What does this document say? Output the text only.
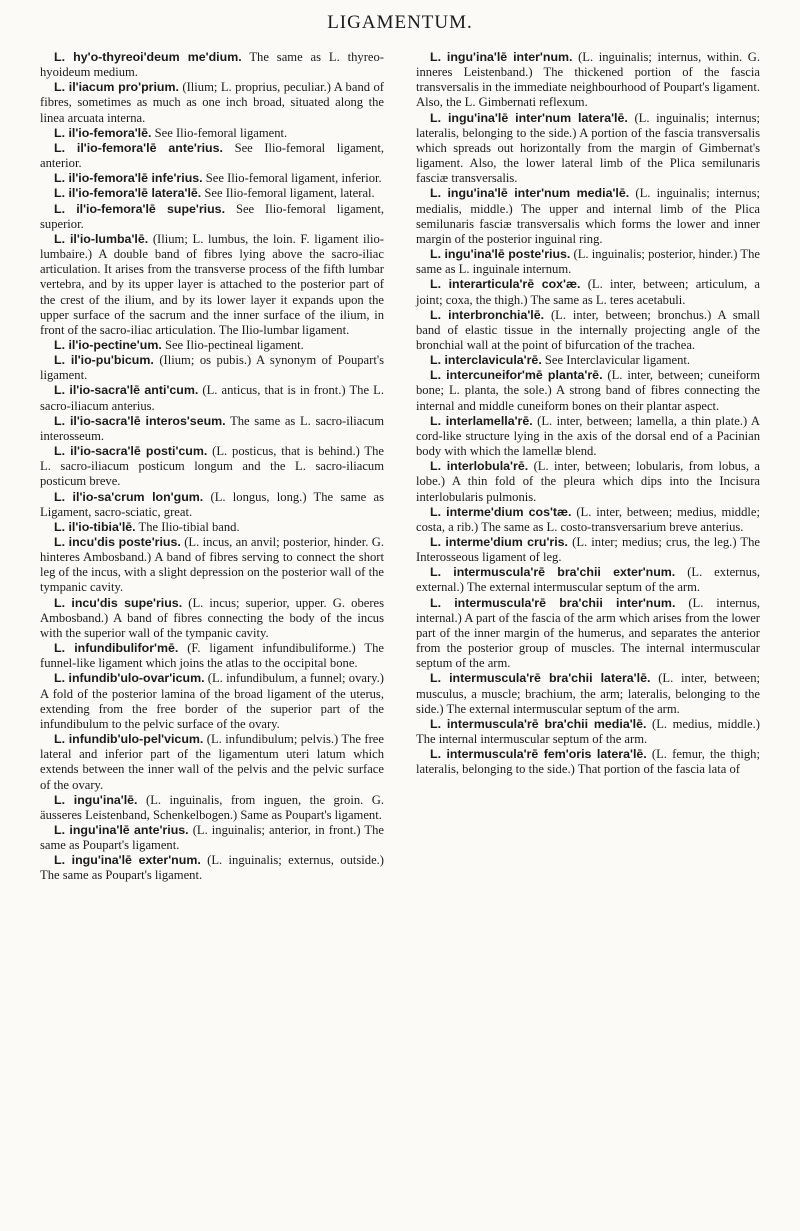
LIGAMENTUM.

L. hy'o-thyreoi'deum me'dium. The same as L. thyreo-hyoideum medium.

L. il'iacum pro'prium. (Ilium; L. proprius, peculiar.) A band of fibres, sometimes as much as one inch broad, situated along the linea arcuata interna.

L. il'io-femora'lē. See Ilio-femoral ligament.

L. il'io-femora'lē ante'rius. See Ilio-femoral ligament, anterior.

L. il'io-femora'lē infe'rius. See Ilio-femoral ligament, inferior.

L. il'io-femora'lē latera'lē. See Ilio-femoral ligament, lateral.

L. il'io-femora'lē supe'rius. See Ilio-femoral ligament, superior.

L. il'io-lumba'lē. (Ilium; L. lumbus, the loin. F. ligament ilio-lumbaire.) A double band of fibres lying above the sacro-iliac articulation. It arises from the transverse process of the fifth lumbar vertebra, and by its upper layer is attached to the posterior part of the crest of the ilium, and by its lower layer it expands upon the upper surface of the sacrum and the inner surface of the ilium, in front of the sacro-iliac articulation. The Ilio-lumbar ligament.

L. il'io-pectine'um. See Ilio-pectineal ligament.

L. il'io-pu'bicum. (Ilium; os pubis.) A synonym of Poupart's ligament.

L. il'io-sacra'lē anti'cum. (L. anticus, that is in front.) The L. sacro-iliacum anterius.

L. il'io-sacra'lē interos'seum. The same as L. sacro-iliacum interosseum.

L. il'io-sacra'lē posti'cum. (L. posticus, that is behind.) The L. sacro-iliacum posticum longum and the L. sacro-iliacum posticum breve.

L. il'io-sa'crum lon'gum. (L. longus, long.) The same as Ligament, sacro-sciatic, great.

L. il'io-tibia'lē. The Ilio-tibial band.

L. incu'dis poste'rius. (L. incus, an anvil; posterior, hinder. G. hinteres Ambosband.) A band of fibres serving to connect the short leg of the incus, with a slight depression on the posterior wall of the tympanic cavity.

L. incu'dis supe'rius. (L. incus; superior, upper. G. oberes Ambosband.) A band of fibres connecting the body of the incus with the superior wall of the tympanic cavity.

L. infundibulifor'mē. (F. ligament infundibuliforme.) The funnel-like ligament which joins the atlas to the occipital bone.

L. infundib'ulo-ovar'icum. (L. infundibulum, a funnel; ovary.) A fold of the posterior lamina of the broad ligament of the uterus, extending from the free border of the superior part of the infundibulum to the pelvic surface of the ovary.

L. infundib'ulo-pel'vicum. (L. infundibulum; pelvis.) The free lateral and inferior part of the ligamentum uteri latum which extends between the inner wall of the pelvis and the pelvic surface of the ovary.

L. ingu'ina'lē. (L. inguinalis, from inguen, the groin. G. äusseres Leistenband, Schenkelbogen.) Same as Poupart's ligament.

L. ingu'ina'lē ante'rius. (L. inguinalis; anterior, in front.) The same as Poupart's ligament.

L. ingu'ina'lē exter'num. (L. inguinalis; externus, outside.) The same as Poupart's ligament.

L. ingu'ina'lē inter'num. (L. inguinalis; internus, within. G. inneres Leistenband.) The thickened portion of the fascia transversalis in the immediate neighbourhood of Poupart's ligament. Also, the L. Gimbernati reflexum.

L. ingu'ina'lē inter'num latera'lē. (L. inguinalis; internus; lateralis, belonging to the side.) A portion of the fascia transversalis which spreads out horizontally from the margin of Gimbernat's ligament. Also, the lower lateral limb of the Plica semilunaris fasciæ transversalis.

L. ingu'ina'lē inter'num media'lē. (L. inguinalis; internus; medialis, middle.) The upper and internal limb of the Plica semilunaris fasciæ transversalis which forms the lower and inner margin of the posterior inguinal ring.

L. ingu'ina'lē poste'rius. (L. inguinalis; posterior, hinder.) The same as L. inguinale internum.

L. interarticula'rē cox'æ. (L. inter, between; articulum, a joint; coxa, the thigh.) The same as L. teres acetabuli.

L. interbronchia'lē. (L. inter, between; bronchus.) A small band of elastic tissue in the internally projecting angle of the bronchial wall at the point of bifurcation of the trachea.

L. interclavicula'rē. See Interclavicular ligament.

L. intercuneifor'mē planta'rē. (L. inter, between; cuneiform bone; L. planta, the sole.) A strong band of fibres connecting the internal and middle cuneiform bones on their plantar aspect.

L. interlamella'rē. (L. inter, between; lamella, a thin plate.) A cord-like structure lying in the axis of the dorsal end of a Pacinian body with which the lamellæ blend.

L. interlobula'rē. (L. inter, between; lobularis, from lobus, a lobe.) A thin fold of the pleura which dips into the Incisura interlobularis pulmonis.

L. interme'dium cos'tæ. (L. inter, between; medius, middle; costa, a rib.) The same as L. costo-transversarium breve anterius.

L. interme'dium cru'ris. (L. inter; medius; crus, the leg.) The Interosseous ligament of leg.

L. intermuscula'rē bra'chii exter'num. (L. externus, external.) The external intermuscular septum of the arm.

L. intermuscula'rē bra'chii inter'num. (L. internus, internal.) A part of the fascia of the arm which arises from the lower part of the inner margin of the humerus, and separates the anterior from the posterior group of muscles. The internal intermuscular septum of the arm.

L. intermuscula'rē bra'chii latera'lē. (L. inter, between; musculus, a muscle; brachium, the arm; lateralis, belonging to the side.) The external intermuscular septum of the arm.

L. intermuscula'rē bra'chii media'lē. (L. medius, middle.) The internal intermuscular septum of the arm.

L. intermuscula'rē fem'oris latera'lē. (L. femur, the thigh; lateralis, belonging to the side.) That portion of the fascia lata of
